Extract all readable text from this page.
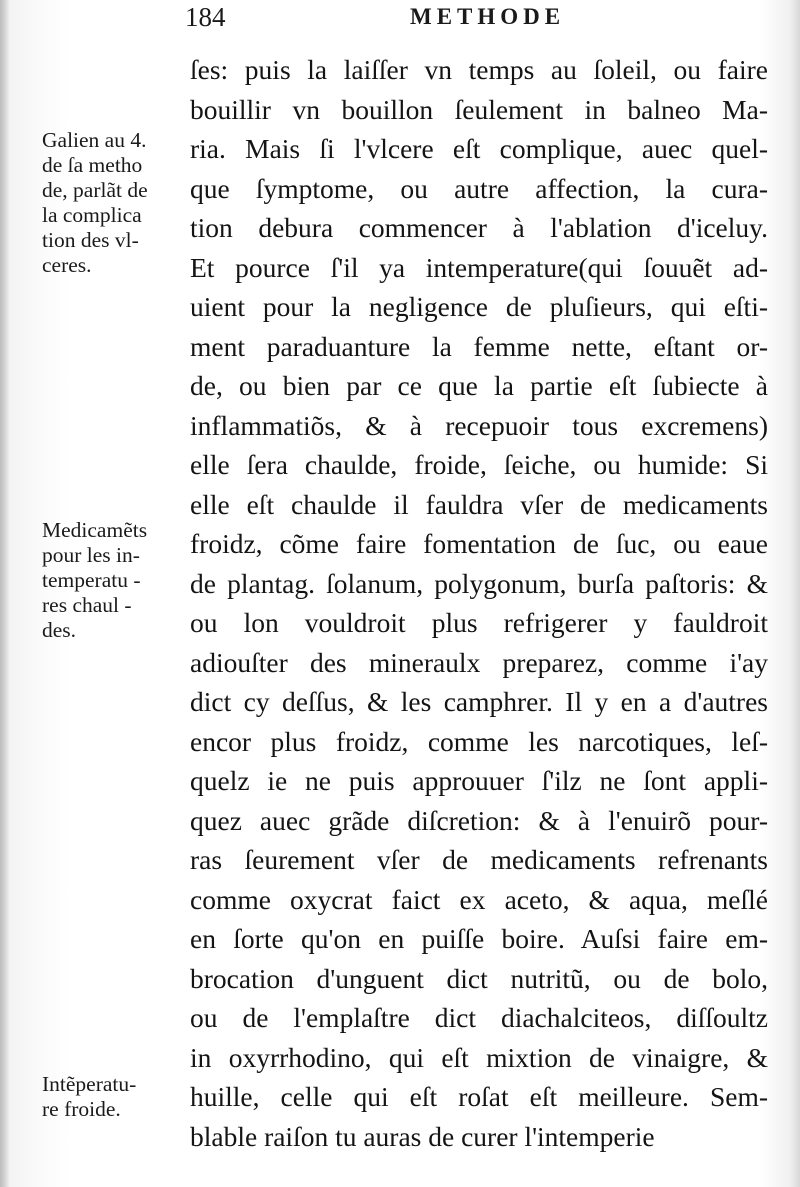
184	METHODE
Galien au 4.
de ſa metho
de, parlãt de
la complica
tion des vl-
ceres.
Medicamẽts
pour les in-
temperatu -
res chaul -
des.
Intẽperatu-
re froide.
ſes: puis la laiſſer vn temps au ſoleil, ou faire
bouillir vn bouillon ſeulement in balneo Ma-
ria. Mais ſi l'vlcere eſt complique, auec quel-
que ſymptome, ou autre affection, la cura-
tion debura commencer à l'ablation d'iceluy.
Et pource ſ'il ya intemperature(qui ſouuẽt ad-
uient pour la negligence de pluſieurs, qui eſti-
ment paraduanture la femme nette, eſtant or-
de, ou bien par ce que la partie eſt ſubiecte à
inflammatiõs, & à recepuoir tous excremens)
elle ſera chaulde, froide, ſeiche, ou humide: Si
elle eſt chaulde il fauldra vſer de medicaments
froidz, cõme faire fomentation de ſuc, ou eaue
de plantag. ſolanum, polygonum, burſa paſtoris: &
ou lon vouldroit plus refrigerer y fauldroit
adiouſter des mineraulx preparez, comme i'ay
dict cy deſſus, & les camphrer. Il y en a d'autres
encor plus froidz, comme les narcotiques, leſ-
quelz ie ne puis approuuer ſ'ilz ne ſont appli-
quez auec grãde diſcretion: & à l'enuirõ pour-
ras ſeurement vſer de medicaments refrenants
comme oxycrat faict ex aceto, & aqua, meſlé
en ſorte qu'on en puiſſe boire. Auſsi faire em-
brocation d'unguent dict nutritũ, ou de bolo,
ou de l'emplaſtre dict diachalciteos, diſſoultz
in oxyrrhodino, qui eſt mixtion de vinaigre, &
huille, celle qui eſt roſat eſt meilleure. Sem-
blable raiſon tu auras de curer l'intemperie
